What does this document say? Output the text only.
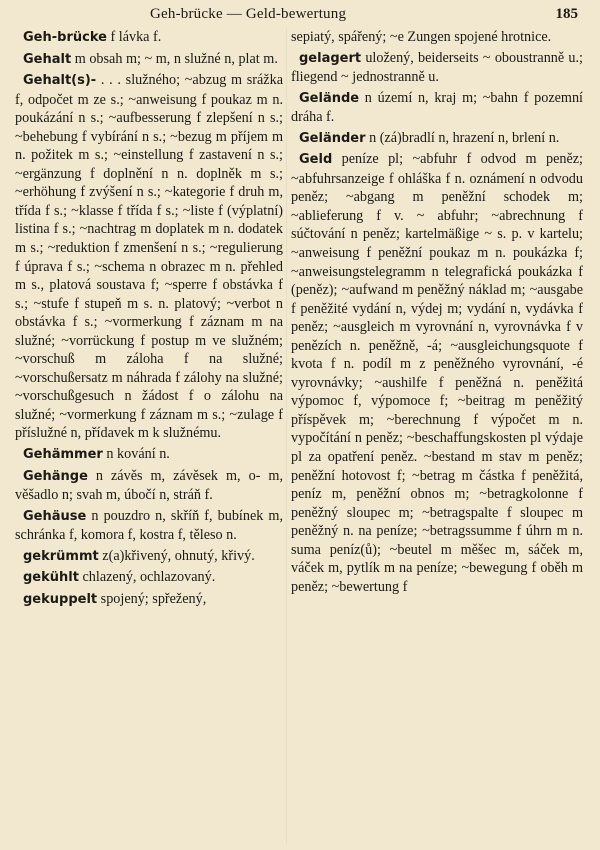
Geh-brücke — Geld-bewertung	185

Geh-brücke f lávka f.

Gehalt m obsah m; ~ m, n služné n, plat m.

Gehalt(s)- . . . služného; ~abzug m srážka f, odpočet m ze s.; ~anweisung f poukaz m n. poukázání n s.; ~aufbesserung f zlepšení n s.; ~behebung f vybírání n s.; ~bezug m příjem m n. požitek m s.; ~einstellung f zastavení n s.; ~ergänzung f doplnění n n. doplněk m s.; ~erhöhung f zvýšení n s.; ~kategorie f druh m, třída f s.; ~klasse f třída f s.; ~liste f (výplatní) listina f s.; ~nachtrag m doplatek m n. dodatek m s.; ~reduktion f zmenšení n s.; ~regulierung f úprava f s.; ~schema n obrazec m n. přehled m s., platová soustava f; ~sperre f obstávka f s.; ~stufe f stupeň m s. n. platový; ~verbot n obstávka f s.; ~vormerkung f záznam m na služné; ~vorrückung f postup m ve služném; ~vorschuß m záloha f na služné; ~vorschußersatz m náhrada f zálohy na služné; ~vorschußgesuch n žádost f o zálohu na služné; ~vormerkung f záznam m s.; ~zulage f příslužné n, přídavek m k služnému.

Gehämmer n kování n.

Gehänge n závěs m, závěsek m, o- m, věšadlo n; svah m, úbočí n, stráň f.

Gehäuse n pouzdro n, skříň f, bubínek m, schránka f, komora f, kostra f, těleso n.

gekrümmt z(a)křivený, ohnutý, křivý.

gekühlt chlazený, ochlazovaný.

gekuppelt spojený; spřežený,

sepiatý, spářený; ~e Zungen spojené hrotnice.

gelagert uložený, beiderseits ~ oboustranně u.; fliegend ~ jednostranně u.

Gelände n území n, kraj m; ~bahn f pozemní dráha f.

Geländer n (zá)bradlí n, hrazení n, brlení n.

Geld peníze pl; ~abfuhr f odvod m peněz; ~abfuhrsanzeige f ohláška f n. oznámení n odvodu peněz; ~abgang m peněžní schodek m; ~ablieferung f v. ~ abfuhr; ~abrechnung f súčtování n peněz; kartelmäßige ~ s. p. v kartelu; ~anweisung f peněžní poukaz m n. poukázka f; ~anweisungstelegramm n telegrafická poukázka f (peněz); ~aufwand m peněžný náklad m; ~ausgabe f peněžité vydání n, výdej m; vydání n, vydávka f peněz; ~ausgleich m vyrovnání n, vyrovnávka f v penězích n. peněžně, -á; ~ausgleichungsquote f kvota f n. podíl m z peněžného vyrovnání, -é vyrovnávky; ~aushilfe f peněžná n. peněžitá výpomoc f, výpomoce f; ~beitrag m peněžitý příspěvek m; ~berechnung f výpočet m n. vypočítání n peněz; ~beschaffungskosten pl výdaje pl za opatření peněz. ~bestand m stav m peněz; peněžní hotovost f; ~betrag m částka f peněžitá, peníz m, peněžní obnos m; ~betragkolonne f peněžný sloupec m; ~betragspalte f sloupec m peněžný n. na peníze; ~betragssumme f úhrn m n. suma peníz(ů); ~beutel m měšec m, sáček m, váček m, pytlík m na peníze; ~bewegung f oběh m peněz; ~bewertung f
